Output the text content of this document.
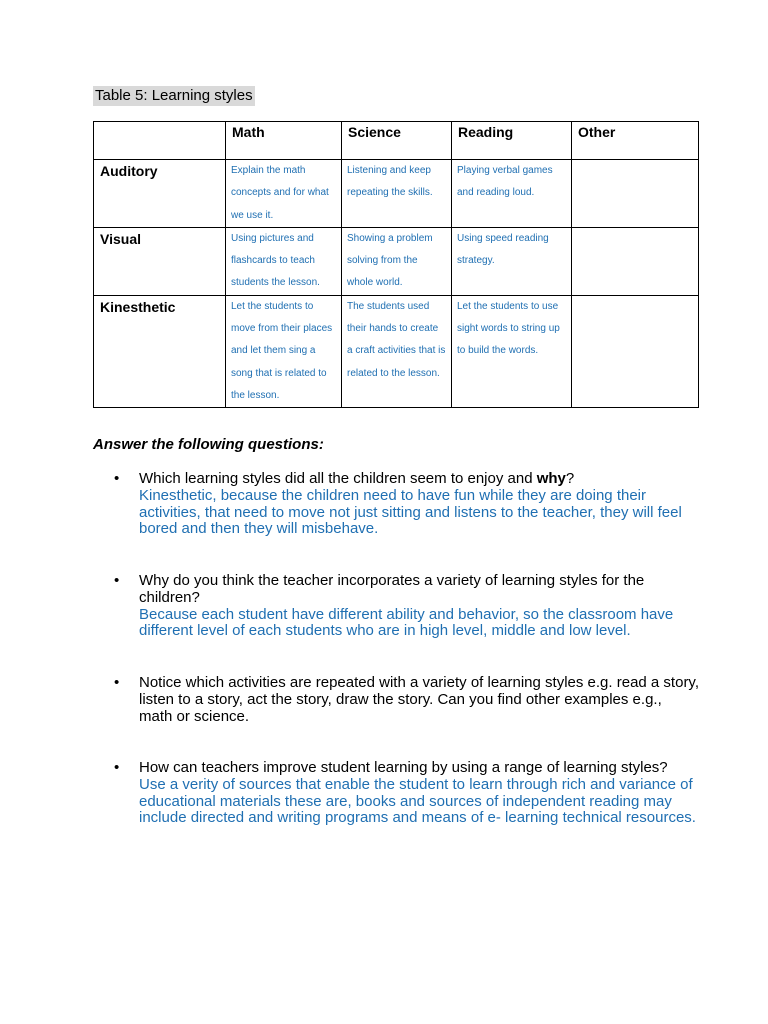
Table 5: Learning styles
	Math	Science	Reading	Other
Auditory	Explain the math concepts and for what we use it.	Listening and keep repeating the skills.	Playing verbal games and reading loud.	
Visual	Using pictures and flashcards to teach students the lesson.	Showing a problem solving from the whole world.	Using speed reading strategy.	
Kinesthetic	Let the students to move from their places and let them sing a song that is related to the lesson.	The students used their hands to create a craft activities that is related to the lesson.	Let the students to use sight words to string up to build the words.	
Answer the following questions:
• Which learning styles did all the children seem to enjoy and why?
Kinesthetic, because the children need to have fun while they are doing their activities, that need to move not just sitting and listens to the teacher, they will feel bored and then they will misbehave.
• Why do you think the teacher incorporates a variety of learning styles for the children?
Because each student have different ability and behavior, so the classroom have different level of each students who are in high level, middle and low level.
• Notice which activities are repeated with a variety of learning styles e.g. read a story, listen to a story, act the story, draw the story. Can you find other examples e.g., math or science.
• How can teachers improve student learning by using a range of learning styles?
Use a verity of sources that enable the student to learn through rich and variance of educational materials these are, books and sources of independent reading may include directed and writing programs and means of e- learning technical resources.
